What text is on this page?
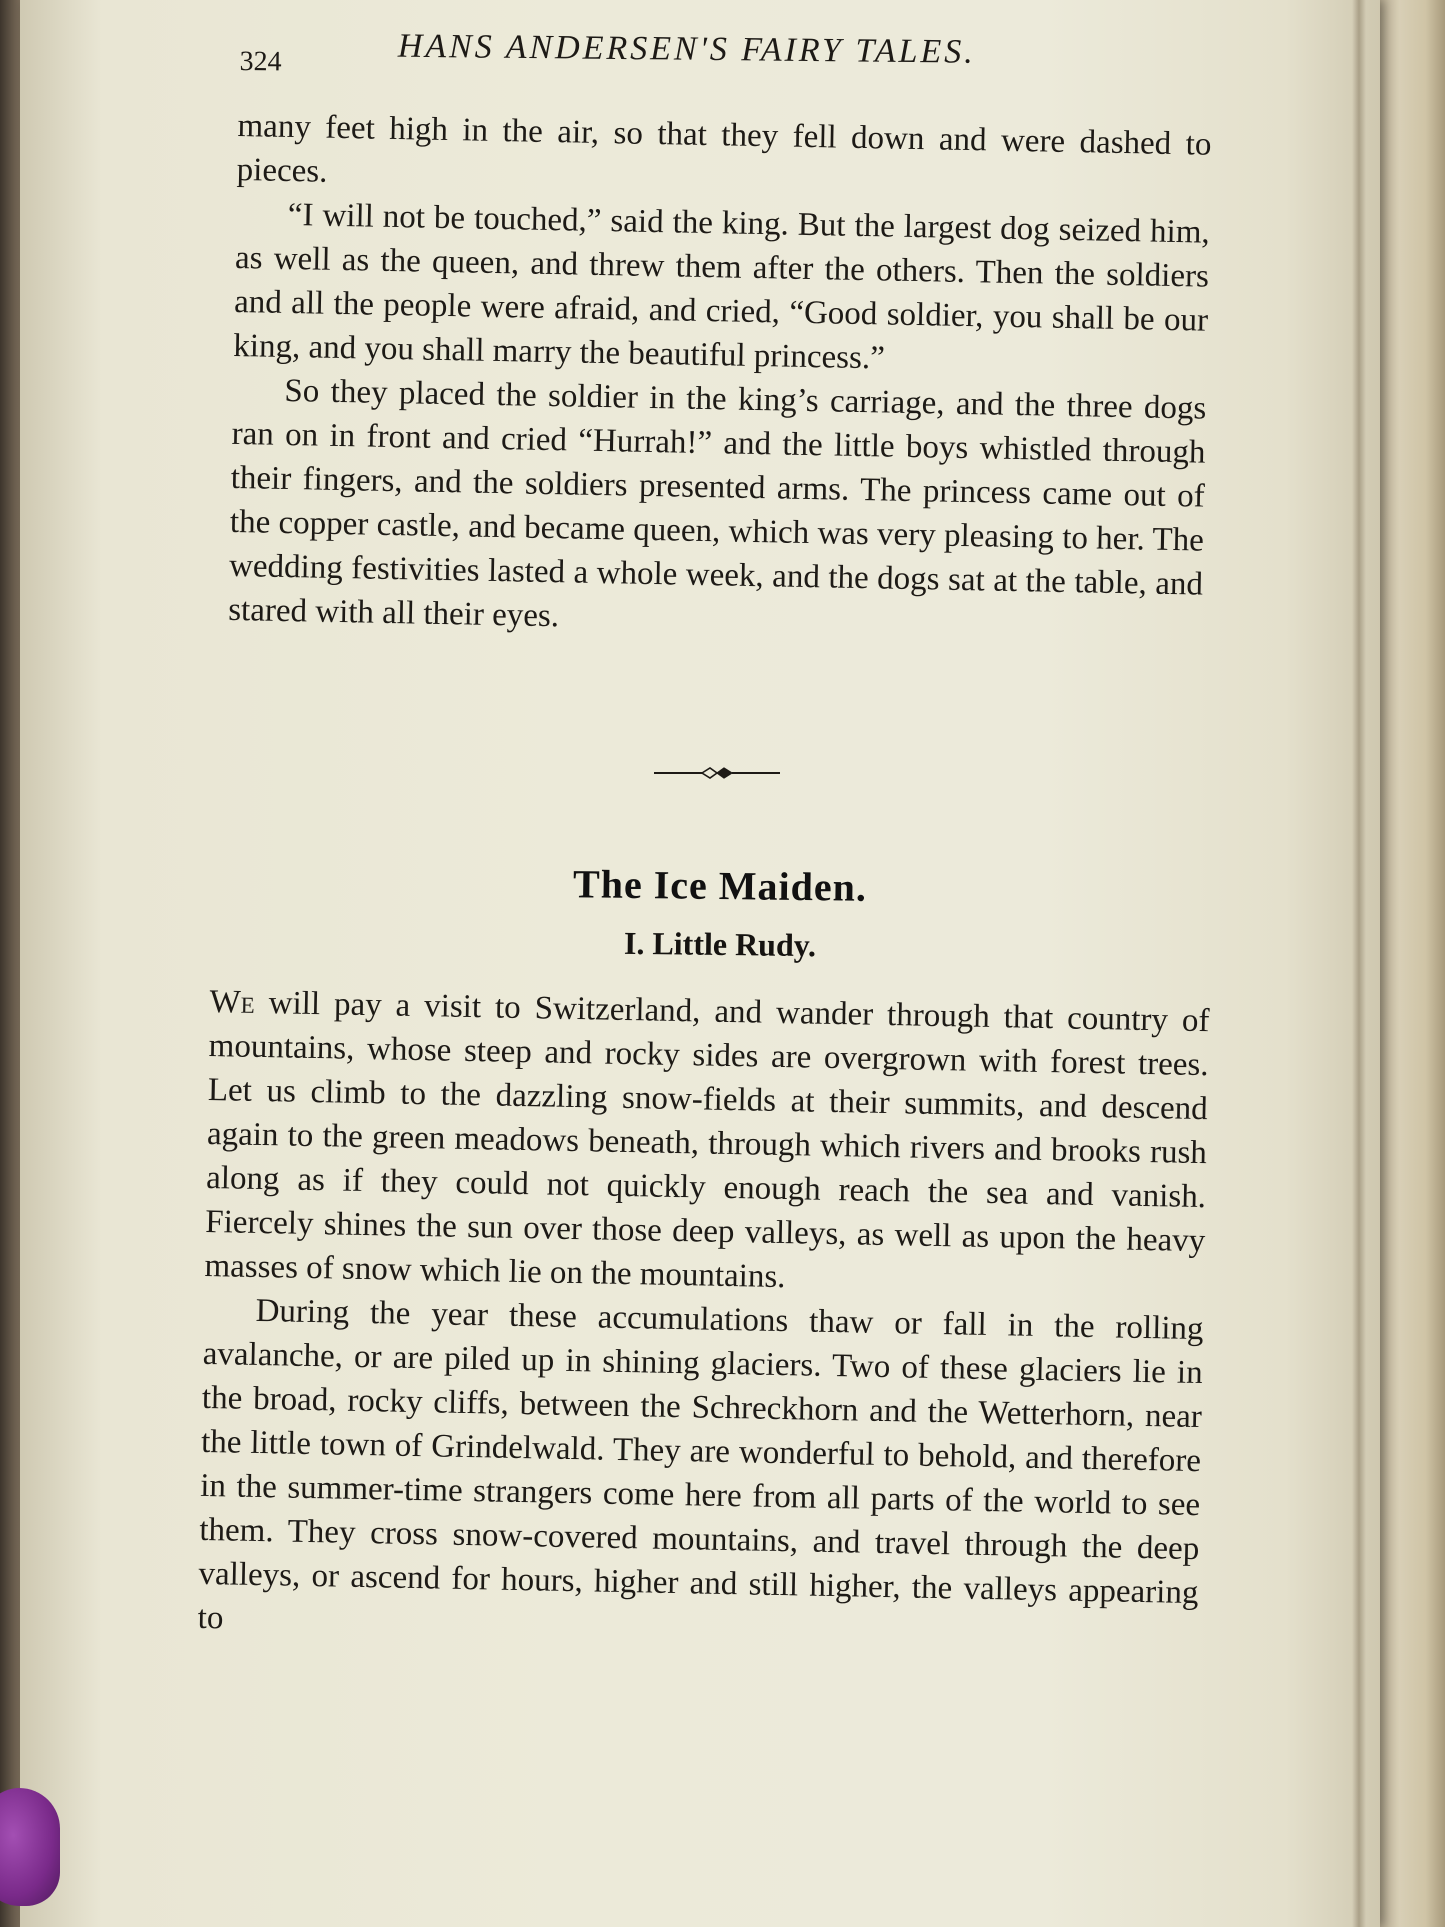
324	HANS ANDERSEN'S FAIRY TALES.

many feet high in the air, so that they fell down and were dashed to pieces.

“I will not be touched,” said the king. But the largest dog seized him, as well as the queen, and threw them after the others. Then the soldiers and all the people were afraid, and cried, “Good soldier, you shall be our king, and you shall marry the beautiful princess.”

So they placed the soldier in the king’s carriage, and the three dogs ran on in front and cried “Hurrah!” and the little boys whistled through their fingers, and the soldiers presented arms. The princess came out of the copper castle, and became queen, which was very pleasing to her. The wedding festivities lasted a whole week, and the dogs sat at the table, and stared with all their eyes.

The Ice Maiden.
I. Little Rudy.

We will pay a visit to Switzerland, and wander through that country of mountains, whose steep and rocky sides are overgrown with forest trees. Let us climb to the dazzling snow-fields at their summits, and descend again to the green meadows beneath, through which rivers and brooks rush along as if they could not quickly enough reach the sea and vanish. Fiercely shines the sun over those deep valleys, as well as upon the heavy masses of snow which lie on the mountains.

During the year these accumulations thaw or fall in the rolling avalanche, or are piled up in shining glaciers. Two of these glaciers lie in the broad, rocky cliffs, between the Schreckhorn and the Wetterhorn, near the little town of Grindelwald. They are wonderful to behold, and therefore in the summer-time strangers come here from all parts of the world to see them. They cross snow-covered mountains, and travel through the deep valleys, or ascend for hours, higher and still higher, the valleys appearing to
